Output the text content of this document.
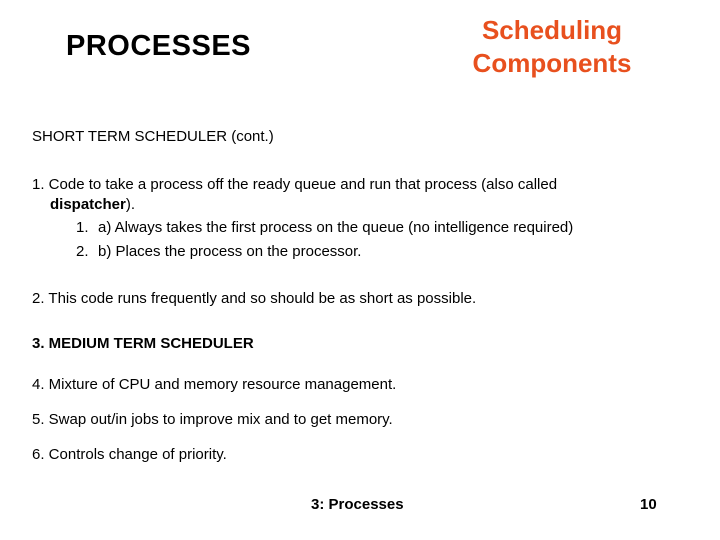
PROCESSES	Scheduling
Components
SHORT TERM SCHEDULER (cont.)
1. Code to take a process off the ready queue and run that process (also called
dispatcher).
1. a) Always takes the first process on the queue (no intelligence required)
2. b) Places the process on the processor.
2. This code runs frequently and so should be as short as possible.
3. MEDIUM TERM SCHEDULER
4. Mixture of CPU and memory resource management.
5. Swap out/in jobs to improve mix and to get memory.
6. Controls change of priority.
3: Processes	10
